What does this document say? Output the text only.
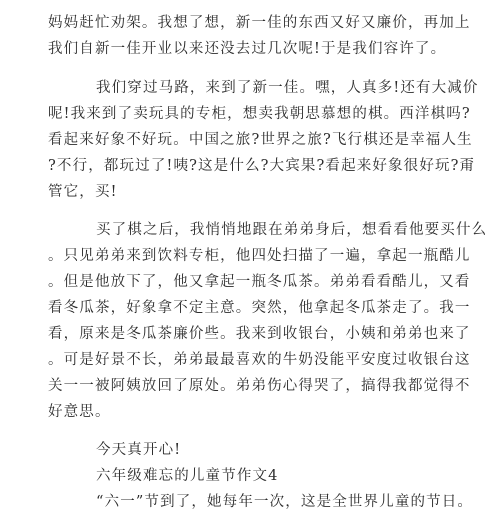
妈妈赶忙劝架。我想了想，新一佳的东西又好又廉价，再加上
我们自新一佳开业以来还没去过几次呢!于是我们容许了。
我们穿过马路，来到了新一佳。嘿，人真多!还有大减价
呢!我来到了卖玩具的专柜，想卖我朝思慕想的棋。西洋棋吗?
看起来好象不好玩。中国之旅?世界之旅?飞行棋还是幸福人生
?不行，都玩过了!咦?这是什么?大宾果?看起来好象很好玩?甭
管它，买!
买了棋之后，我悄悄地跟在弟弟身后，想看看他要买什么
。只见弟弟来到饮料专柜，他四处扫描了一遍，拿起一瓶酷儿
。但是他放下了，他又拿起一瓶冬瓜茶。弟弟看看酷儿，又看
看冬瓜茶，好象拿不定主意。突然，他拿起冬瓜茶走了。我一
看，原来是冬瓜茶廉价些。我来到收银台，小姨和弟弟也来了
。可是好景不长，弟弟最最喜欢的牛奶没能平安度过收银台这
关一一被阿姨放回了原处。弟弟伤心得哭了，搞得我都觉得不
好意思。
今天真开心!
六年级难忘的儿童节作文4
“六一”节到了，她每年一次，这是全世界儿童的节日。
